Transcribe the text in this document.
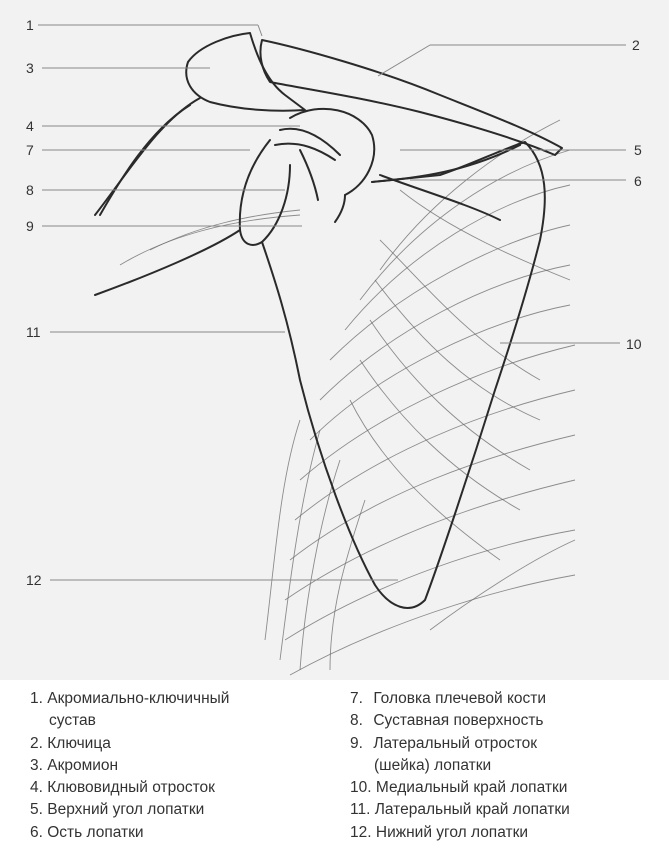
1
2
3
4
5
7
6
8
9
10
11
12
1.
Акромиально-ключичный
сустав
2.
Ключица
3.
Акромион
4.
Клювовидный отросток
5.
Верхний угол лопатки
6.
Ость лопатки
7.
Головка плечевой кости
8.
Суставная поверхность
9.
Латеральный отросток
(шейка) лопатки
10.
Медиальный край лопатки
11.
Латеральный край лопатки
12.
Нижний угол лопатки
